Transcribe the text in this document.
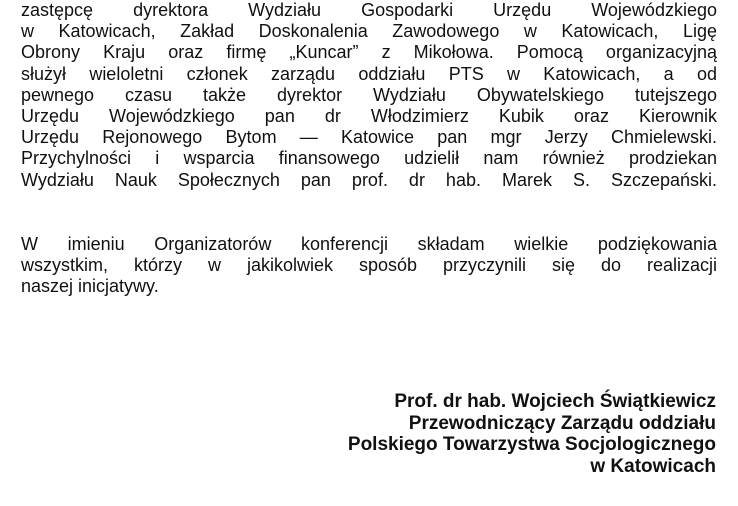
zastępcę dyrektora Wydziału Gospodarki Urzędu Wojewódzkiego
w Katowicach, Zakład Doskonalenia Zawodowego w Katowicach, Ligę
Obrony Kraju oraz firmę „Kuncar” z Mikołowa. Pomocą organizacyjną
służył wieloletni członek zarządu oddziału PTS w Katowicach, a od
pewnego czasu także dyrektor Wydziału Obywatelskiego tutejszego
Urzędu Wojewódzkiego pan dr Włodzimierz Kubik oraz Kierownik
Urzędu Rejonowego Bytom — Katowice pan mgr Jerzy Chmielewski.
Przychylności i wsparcia finansowego udzielił nam również prodziekan
Wydziału Nauk Społecznych pan prof. dr hab. Marek S. Szczepański.
W imieniu Organizatorów konferencji składam wielkie podziękowania
wszystkim, którzy w jakikolwiek sposób przyczynili się do realizacji
naszej inicjatywy.
Prof. dr hab. Wojciech Świątkiewicz
Przewodniczący Zarządu oddziału
Polskiego Towarzystwa Socjologicznego
w Katowicach
